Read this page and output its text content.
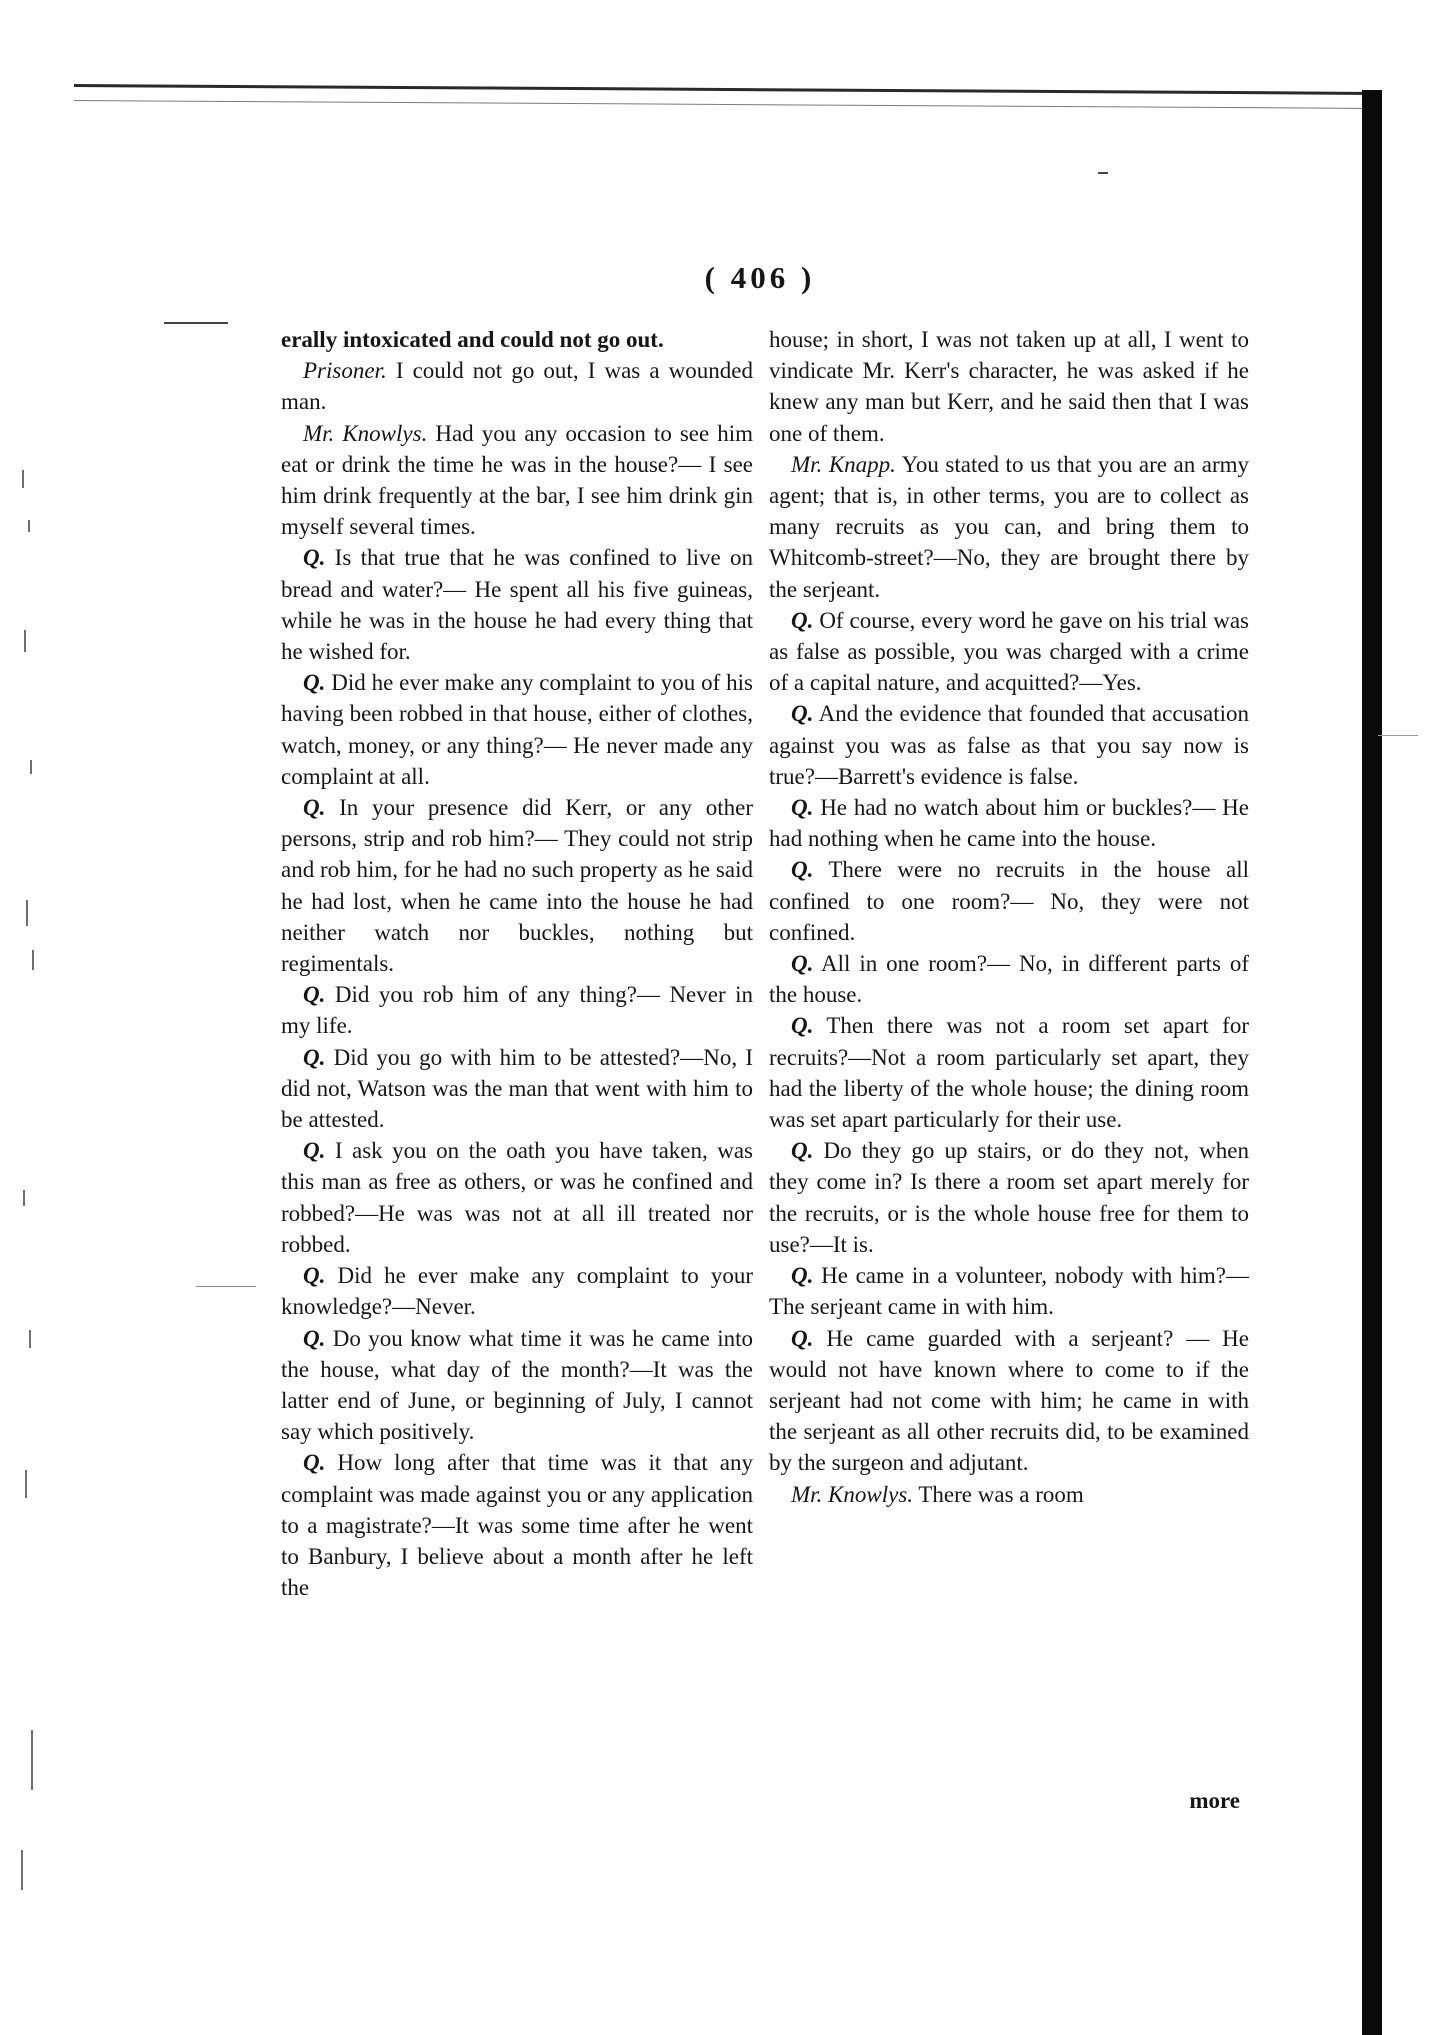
( 406 )

erally intoxicated and could not go out.

Prisoner. I could not go out, I was a wounded man.

Mr. Knowlys. Had you any occasion to see him eat or drink the time he was in the house?— I see him drink frequently at the bar, I see him drink gin myself several times.

Q. Is that true that he was confined to live on bread and water?— He spent all his five guineas, while he was in the house he had every thing that he wished for.

Q. Did he ever make any complaint to you of his having been robbed in that house, either of clothes, watch, money, or any thing?— He never made any complaint at all.

Q. In your presence did Kerr, or any other persons, strip and rob him?— They could not strip and rob him, for he had no such property as he said he had lost, when he came into the house he had neither watch nor buckles, nothing but regimentals.

Q. Did you rob him of any thing?— Never in my life.

Q. Did you go with him to be attested?—No, I did not, Watson was the man that went with him to be attested.

Q. I ask you on the oath you have taken, was this man as free as others, or was he confined and robbed?—He was was not at all ill treated nor robbed.

Q. Did he ever make any complaint to your knowledge?—Never.

Q. Do you know what time it was he came into the house, what day of the month?—It was the latter end of June, or beginning of July, I cannot say which positively.

Q. How long after that time was it that any complaint was made against you or any application to a magistrate?—It was some time after he went to Banbury, I believe about a month after he left the

house; in short, I was not taken up at all, I went to vindicate Mr. Kerr's character, he was asked if he knew any man but Kerr, and he said then that I was one of them.

Mr. Knapp. You stated to us that you are an army agent; that is, in other terms, you are to collect as many recruits as you can, and bring them to Whitcomb-street?—No, they are brought there by the serjeant.

Q. Of course, every word he gave on his trial was as false as possible, you was charged with a crime of a capital nature, and acquitted?—Yes.

Q. And the evidence that founded that accusation against you was as false as that you say now is true?—Barrett's evidence is false.

Q. He had no watch about him or buckles?— He had nothing when he came into the house.

Q. There were no recruits in the house all confined to one room?— No, they were not confined.

Q. All in one room?— No, in different parts of the house.

Q. Then there was not a room set apart for recruits?—Not a room particularly set apart, they had the liberty of the whole house; the dining room was set apart particularly for their use.

Q. Do they go up stairs, or do they not, when they come in? Is there a room set apart merely for the recruits, or is the whole house free for them to use?—It is.

Q. He came in a volunteer, nobody with him?—The serjeant came in with him.

Q. He came guarded with a serjeant? — He would not have known where to come to if the serjeant had not come with him; he came in with the serjeant as all other recruits did, to be examined by the surgeon and adjutant.

Mr. Knowlys. There was a room

more
